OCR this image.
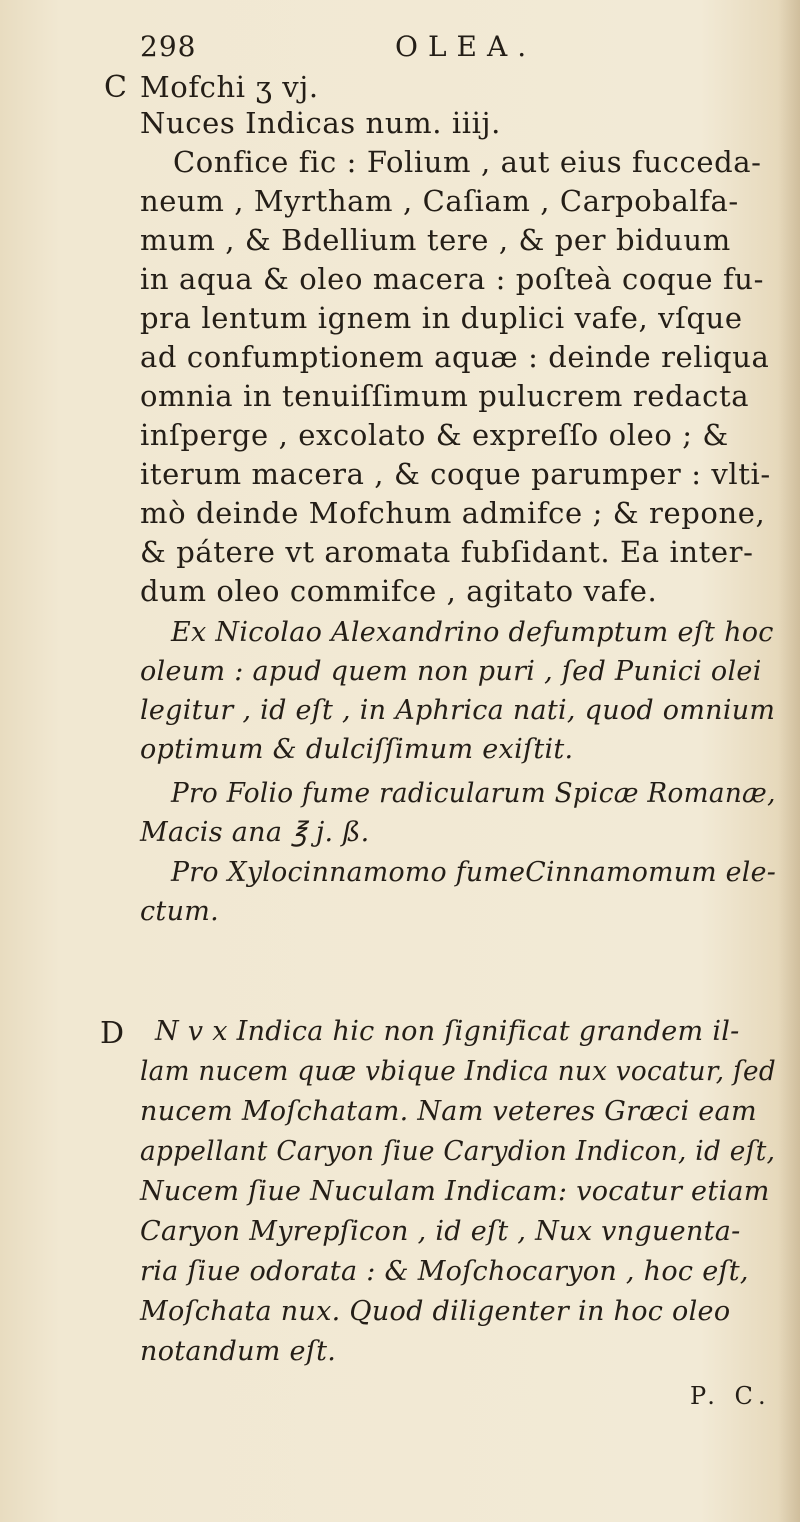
298	OLEA.
C
D
Mofchi ʒ vj.
Nuces Indicas num. iiij.
Confice fic : Folium , aut eius fucceda-
neum , Myrtham , Caſiam , Carpobalfa-
mum , & Bdellium tere , & per biduum
in aqua & oleo macera : poſteà coque fu-
pra lentum ignem in duplici vafe, vſque
ad confumptionem aquæ : deinde reliqua
omnia in tenuiſſimum pulucrem redacta
inſperge , excolato & expreſſo oleo ; &
iterum macera , & coque parumper : vlti-
mò deinde Mofchum admifce ; & repone,
& pátere vt aromata fubſidant. Ea inter-
dum oleo commifce , agitato vafe.
Ex Nicolao Alexandrino defumptum eſt hoc
oleum : apud quem non puri , ſed Punici olei
legitur , id eſt , in Aphrica nati, quod omnium
optimum & dulciſſimum exiſtit.
Pro Folio fume radicularum Spicæ Romanæ,
Macis ana ℥ j. ß.
Pro Xylocinnamomo fumeCinnamomum ele-
ctum.
N v x Indica hic non ſignificat grandem il-
lam nucem quæ vbique Indica nux vocatur, ſed
nucem Moſchatam. Nam veteres Græci eam
appellant Caryon ſiue Carydion Indicon, id eſt,
Nucem ſiue Nuculam Indicam: vocatur etiam
Caryon Myrepſicon , id eſt , Nux vnguenta-
ria ſiue odorata : & Moſchocaryon , hoc eſt,
Moſchata nux. Quod diligenter in hoc oleo
notandum eſt.
P. C.
